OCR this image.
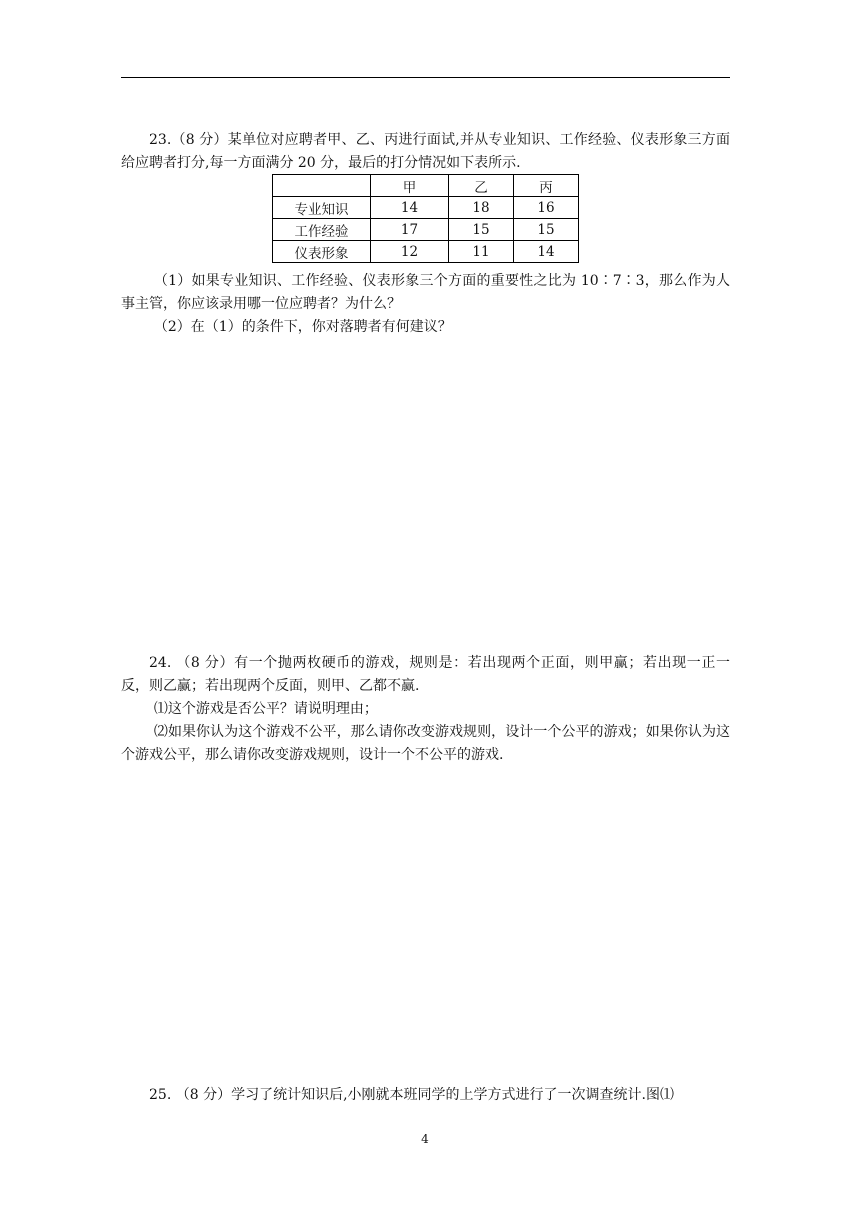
23.（8 分）某单位对应聘者甲、乙、丙进行面试,并从专业知识、工作经验、仪表形象三方面给应聘者打分,每一方面满分 20 分，最后的打分情况如下表所示.
	甲	乙	丙
专业知识	14	18	16
工作经验	17	15	15
仪表形象	12	11	14
（1）如果专业知识、工作经验、仪表形象三个方面的重要性之比为 10∶7∶3，那么作为人事主管，你应该录用哪一位应聘者？为什么？
（2）在（1）的条件下，你对落聘者有何建议？
24. （8 分）有一个抛两枚硬币的游戏，规则是：若出现两个正面，则甲赢；若出现一正一反，则乙赢；若出现两个反面，则甲、乙都不赢.
⑴这个游戏是否公平？请说明理由；
⑵如果你认为这个游戏不公平，那么请你改变游戏规则，设计一个公平的游戏；如果你认为这个游戏公平，那么请你改变游戏规则，设计一个不公平的游戏.
25. （8 分）学习了统计知识后,小刚就本班同学的上学方式进行了一次调查统计.图⑴
4
